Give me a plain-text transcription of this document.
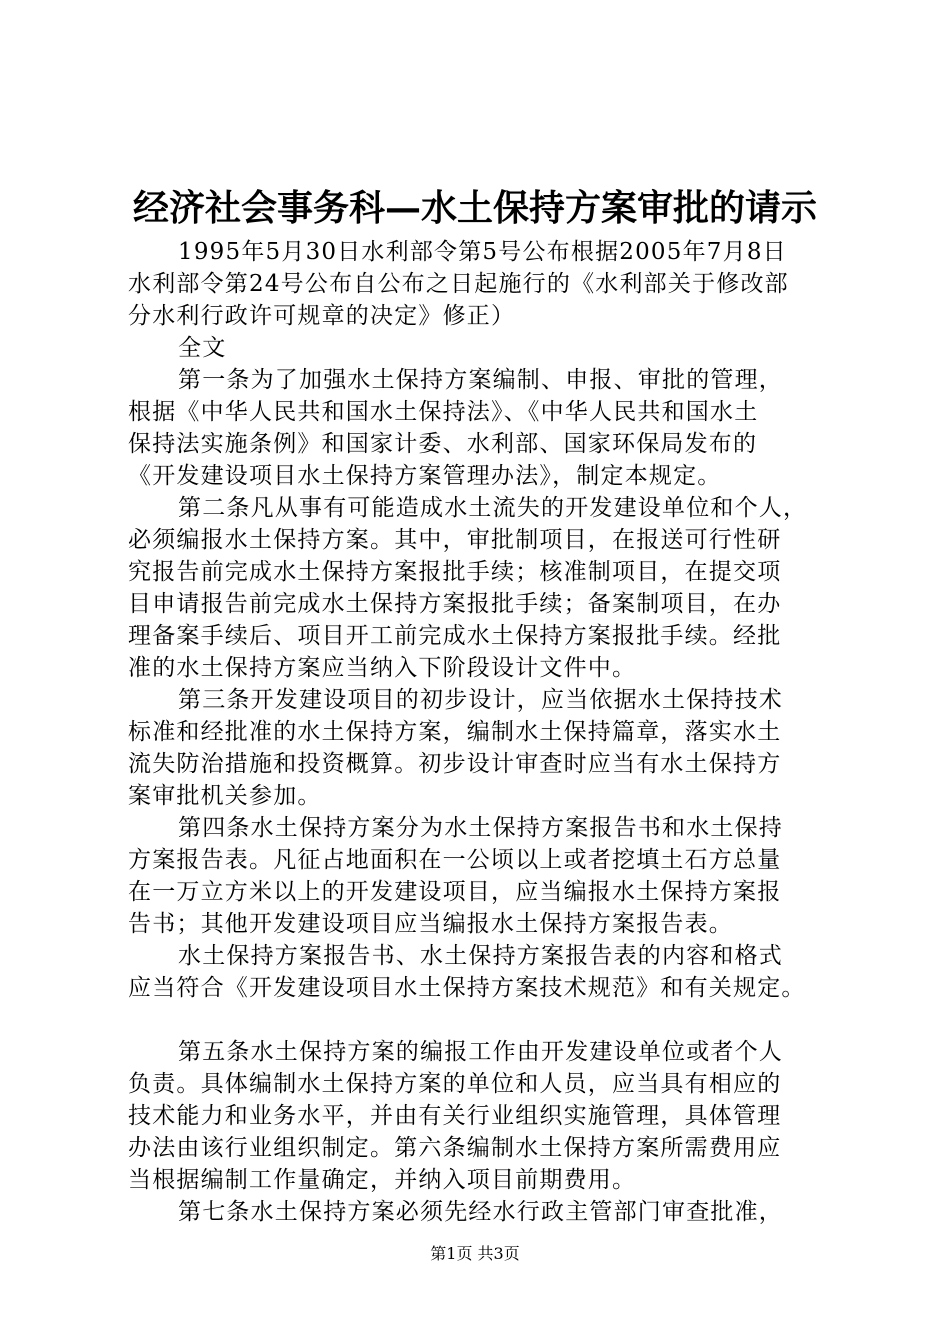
经济社会事务科—水土保持方案审批的请示
1995年5月30日水利部令第5号公布根据2005年7月8日
水利部令第24号公布自公布之日起施行的《水利部关于修改部
分水利行政许可规章的决定》修正）
全文
第一条为了加强水土保持方案编制、申报、审批的管理，
根据《中华人民共和国水土保持法》、《中华人民共和国水土
保持法实施条例》和国家计委、水利部、国家环保局发布的
《开发建设项目水土保持方案管理办法》，制定本规定。
第二条凡从事有可能造成水土流失的开发建设单位和个人，
必须编报水土保持方案。其中，审批制项目，在报送可行性研
究报告前完成水土保持方案报批手续；核准制项目，在提交项
目申请报告前完成水土保持方案报批手续；备案制项目，在办
理备案手续后、项目开工前完成水土保持方案报批手续。经批
准的水土保持方案应当纳入下阶段设计文件中。
第三条开发建设项目的初步设计，应当依据水土保持技术
标准和经批准的水土保持方案，编制水土保持篇章，落实水土
流失防治措施和投资概算。初步设计审查时应当有水土保持方
案审批机关参加。
第四条水土保持方案分为水土保持方案报告书和水土保持
方案报告表。凡征占地面积在一公顷以上或者挖填土石方总量
在一万立方米以上的开发建设项目，应当编报水土保持方案报
告书；其他开发建设项目应当编报水土保持方案报告表。
水土保持方案报告书、水土保持方案报告表的内容和格式
应当符合《开发建设项目水土保持方案技术规范》和有关规定。
第五条水土保持方案的编报工作由开发建设单位或者个人
负责。具体编制水土保持方案的单位和人员，应当具有相应的
技术能力和业务水平，并由有关行业组织实施管理，具体管理
办法由该行业组织制定。第六条编制水土保持方案所需费用应
当根据编制工作量确定，并纳入项目前期费用。
第七条水土保持方案必须先经水行政主管部门审查批准，
第1页 共3页
